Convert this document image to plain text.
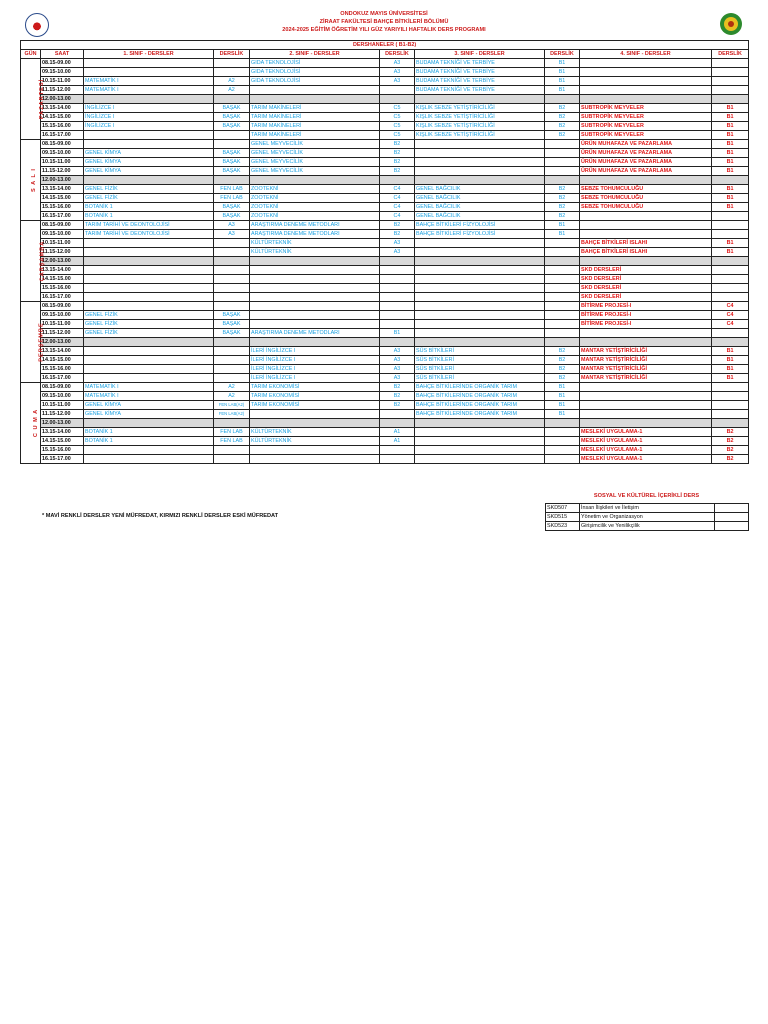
ONDOKUZ MAYIS ÜNİVERSİTESİ
ZİRAAT FAKÜLTESİ BAHÇE BİTKİLERİ BÖLÜMÜ
2024-2025 EĞİTİM ÖĞRETİM YILI GÜZ YARIYILI HAFTALIK DERS PROGRAMI
DERSHANELER ( B1-B2)									
GÜN	SAAT	1. SINIF - DERSLER	DERSLİK	2. SINIF - DERSLER	DERSLİK	3. SINIF - DERSLER	DERSLİK	4. SINIF - DERSLER	DERSLİK
PAZARTESİ	08.15-09.00			GIDA TEKNOLOJİSİ	A3	BUDAMA TEKNİĞİ VE TERBİYE	B1		
	09.15-10.00			GIDA TEKNOLOJİSİ	A3	BUDAMA TEKNİĞİ VE TERBİYE	B1		
	10.15-11.00	MATEMATİK I	A2	GIDA TEKNOLOJİSİ	A3	BUDAMA TEKNİĞİ VE TERBİYE	B1		
	11.15-12.00	MATEMATİK I	A2			BUDAMA TEKNİĞİ VE TERBİYE	B1		
	12.00-13.00								
	13.15-14.00	İNGİLİZCE I	BAŞAK	TARIM MAKİNELERİ	C5	KIŞLIK SEBZE YETİŞTİRİCİLİĞİ	B2	SUBTROPİK MEYVELER	B1
	14.15-15.00	İNGİLİZCE I	BAŞAK	TARIM MAKİNELERİ	C5	KIŞLIK SEBZE YETİŞTİRİCİLİĞİ	B2	SUBTROPİK MEYVELER	B1
	15.15-16.00	İNGİLİZCE I	BAŞAK	TARIM MAKİNELERİ	C5	KIŞLIK SEBZE YETİŞTİRİCİLİĞİ	B2	SUBTROPİK MEYVELER	B1
	16.15-17.00			TARIM MAKİNELERİ	C5	KIŞLIK SEBZE YETİŞTİRİCİLİĞİ	B2	SUBTROPİK MEYVELER	B1
S A L I	08.15-09.00			GENEL MEYVECİLİK	B2			ÜRÜN MUHAFAZA VE PAZARLAMA	B1
	09.15-10.00	GENEL KİMYA	BAŞAK	GENEL MEYVECİLİK	B2			ÜRÜN MUHAFAZA VE PAZARLAMA	B1
	10.15-11.00	GENEL KİMYA	BAŞAK	GENEL MEYVECİLİK	B2			ÜRÜN MUHAFAZA VE PAZARLAMA	B1
	11.15-12.00	GENEL KİMYA	BAŞAK	GENEL MEYVECİLİK	B2			ÜRÜN MUHAFAZA VE PAZARLAMA	B1
	12.00-13.00								
	13.15-14.00	GENEL FİZİK	FEN LAB	ZOOTEKNİ	C4	GENEL BAĞCILIK	B2	SEBZE TOHUMCULUĞU	B1
	14.15-15.00	GENEL FİZİK	FEN LAB	ZOOTEKNİ	C4	GENEL BAĞCILIK	B2	SEBZE TOHUMCULUĞU	B1
	15.15-16.00	BOTANİK 1	BAŞAK	ZOOTEKNİ	C4	GENEL BAĞCILIK	B2	SEBZE TOHUMCULUĞU	B1
	16.15-17.00	BOTANİK 1	BAŞAK	ZOOTEKNİ	C4	GENEL BAĞCILIK	B2		
ÇARŞAMBA	08.15-09.00	TARIM TARİHİ VE DEONTOLOJİSİ	A3	ARAŞTIRMA DENEME METODLARI	B2	BAHÇE BİTKİLERİ FİZYOLOJİSİ	B1		
	09.15-10.00	TARIM TARİHİ VE DEONTOLOJİSİ	A3	ARAŞTIRMA DENEME METODLARI	B2	BAHÇE BİTKİLERİ FİZYOLOJİSİ	B1		
	10.15-11.00			KÜLTÜRTEKNİK	A3			BAHÇE BİTKİLERİ ISLAHI	B1
	11.15-12.00			KÜLTÜRTEKNİK	A3			BAHÇE BİTKİLERİ ISLAHI	B1
	12.00-13.00								
	13.15-14.00							SKD DERSLERİ	
	14.15-15.00							SKD DERSLERİ	
	15.15-16.00							SKD DERSLERİ	
	16.15-17.00							SKD DERSLERİ	
PERŞEMBE	08.15-09.00							BİTİRME PROJESİ-I	C4
	09.15-10.00	GENEL FİZİK	BAŞAK					BİTİRME PROJESİ-I	C4
	10.15-11.00	GENEL FİZİK	BAŞAK					BİTİRME PROJESİ-I	C4
	11.15-12.00	GENEL FİZİK	BAŞAK	ARAŞTIRMA DENEME METODLARI	B1				
	12.00-13.00								
	13.15-14.00			İLERİ İNGİLİZCE I	A3	SÜS BİTKİLERİ	B2	MANTAR YETİŞTİRİCİLİĞİ	B1
	14.15-15.00			İLERİ İNGİLİZCE I	A3	SÜS BİTKİLERİ	B2	MANTAR YETİŞTİRİCİLİĞİ	B1
	15.15-16.00			İLERİ İNGİLİZCE I	A3	SÜS BİTKİLERİ	B2	MANTAR YETİŞTİRİCİLİĞİ	B1
	16.15-17.00			İLERİ İNGİLİZCE I	A3	SÜS BİTKİLERİ	B2	MANTAR YETİŞTİRİCİLİĞİ	B1
C U M A	08.15-09.00	MATEMATİK I	A2	TARIM EKONOMİSİ	B2	BAHÇE BİTKİLERİNDE ORGANİK TARIM	B1		
	09.15-10.00	MATEMATİK I	A2	TARIM EKONOMİSİ	B2	BAHÇE BİTKİLERİNDE ORGANİK TARIM	B1		
	10.15-11.00	GENEL KİMYA	FEN LAB(A2)	TARIM EKONOMİSİ	B2	BAHÇE BİTKİLERİNDE ORGANİK TARIM	B1		
	11.15-12.00	GENEL KİMYA	FEN LAB(A2)			BAHÇE BİTKİLERİNDE ORGANİK TARIM	B1		
	12.00-13.00								
	13.15-14.00	BOTANİK 1	FEN LAB	KÜLTÜRTEKNİK	A1			MESLEKİ UYGULAMA-1	B2
	14.15-15.00	BOTANİK 1	FEN LAB	KÜLTÜRTEKNİK	A1			MESLEKİ UYGULAMA-1	B2
	15.15-16.00							MESLEKİ UYGULAMA-1	B2
	16.15-17.00							MESLEKİ UYGULAMA-1	B2
* MAVİ RENKLİ DERSLER YENİ MÜFREDAT, KIRMIZI RENKLİ DERSLER ESKİ MÜFREDAT
SOSYAL VE KÜLTÜREL İÇERİKLİ DERS
SKD507	İnsan İlişkileri ve İletişim	
SKD515	Yönetim ve Organizasyon	
SKD523	Girişimcilik ve Yenilikçilik	
